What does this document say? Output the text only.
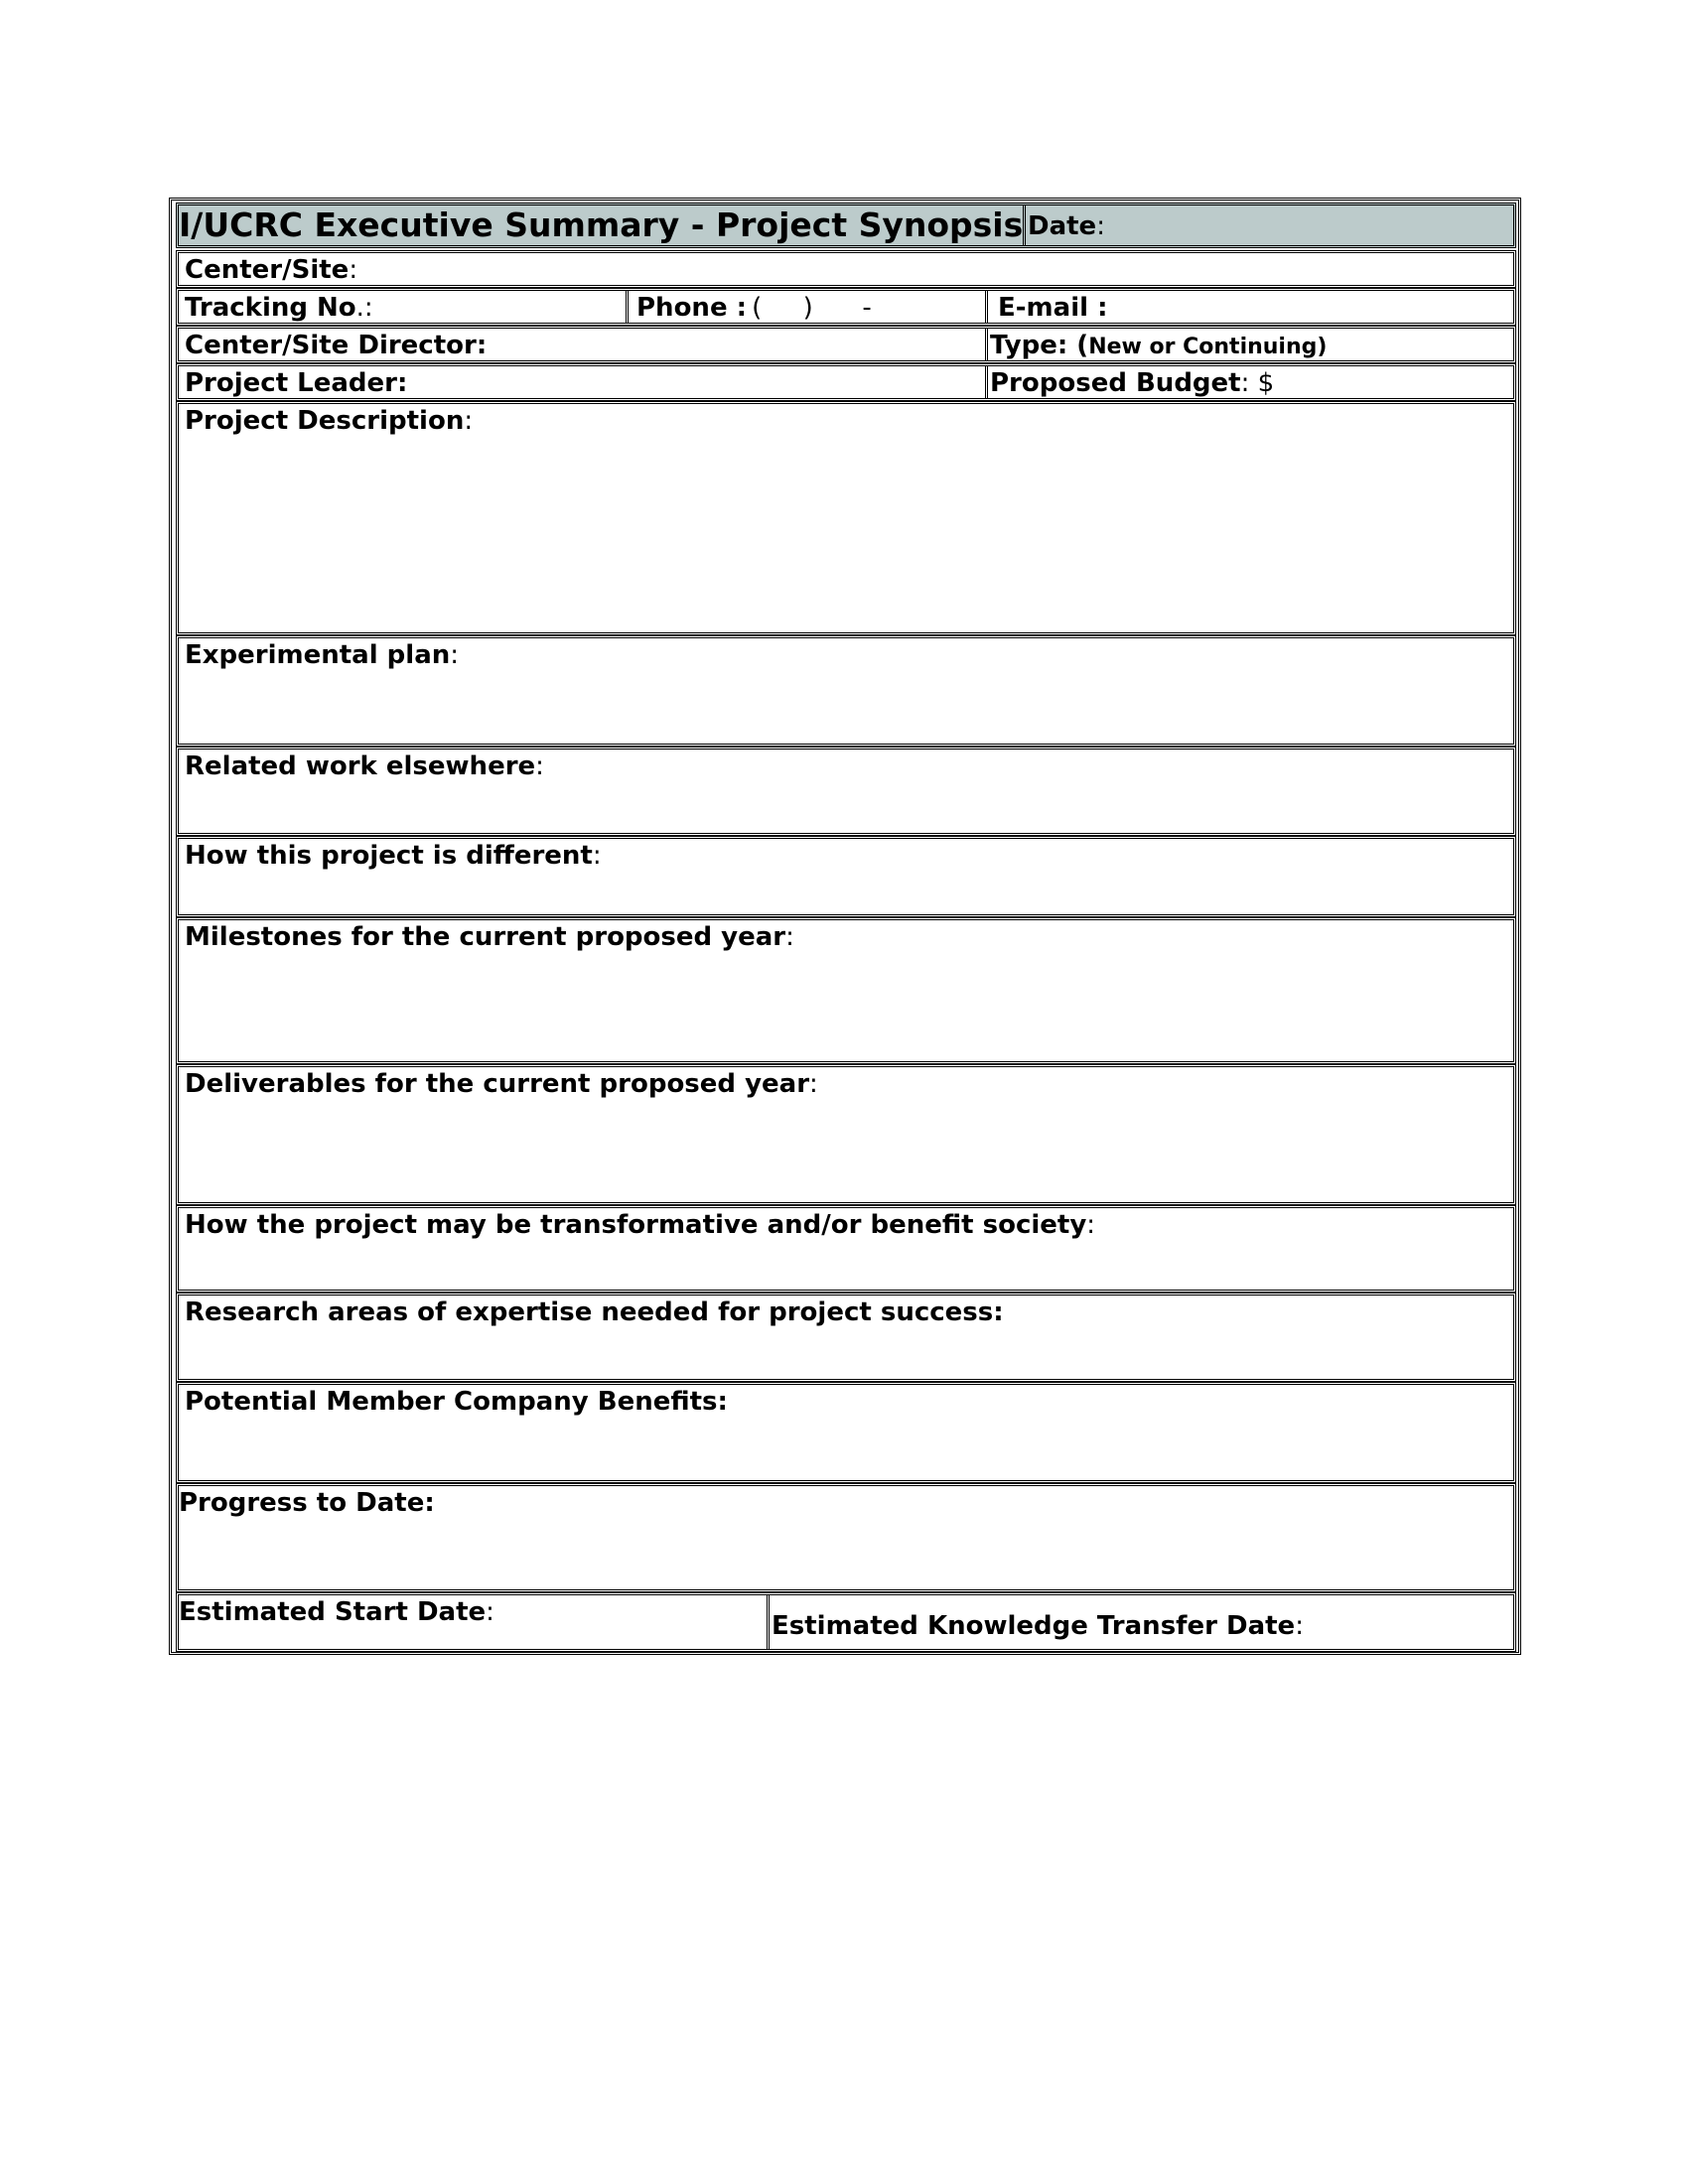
I/UCRC Executive Summary - Project Synopsis Date:
Center/Site:
Tracking No.:	Phone : (     )      -	E-mail :
Center/Site Director:	Type: (New or Continuing)
Project Leader:	Proposed Budget: $
Project Description:
Experimental plan:
Related work elsewhere:
How this project is different:
Milestones for the current proposed year:
Deliverables for the current proposed year:
How the project may be transformative and/or benefit society:
Research areas of expertise needed for project success:
Potential Member Company Benefits:
Progress to Date:
Estimated Start Date:	Estimated Knowledge Transfer Date:
